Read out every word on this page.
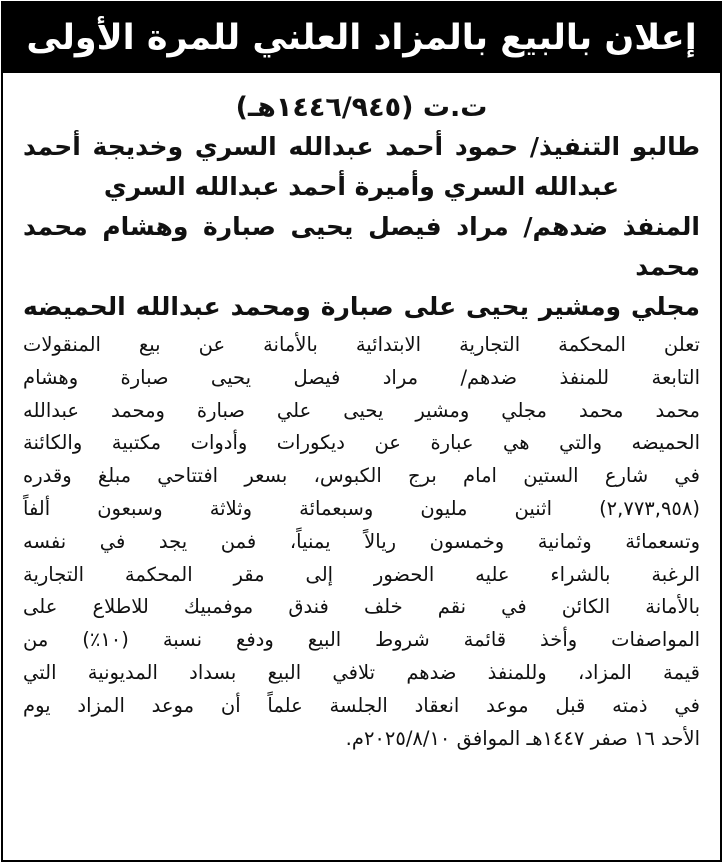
إعلان بالبيع بالمزاد العلني للمرة الأولى
ت.ت (١٤٤٦/٩٤٥هـ)
طالبو التنفيذ/ حمود أحمد عبدالله السري وخديجة أحمد
عبدالله السري وأميرة أحمد عبدالله السري
المنفذ ضدهم/ مراد فيصل يحيى صبارة وهشام محمد محمد
مجلي ومشير يحيى على صبارة ومحمد عبدالله الحميضه
تعلن المحكمة التجارية الابتدائية بالأمانة عن بيع المنقولات
التابعة للمنفذ ضدهم/ مراد فيصل يحيى صبارة وهشام
محمد محمد مجلي ومشير يحيى علي صبارة ومحمد عبدالله
الحميضه والتي هي عبارة عن ديكورات وأدوات مكتبية والكائنة
في شارع الستين امام برج الكبوس، بسعر افتتاحي مبلغ وقدره
(٢,٧٧٣,٩٥٨) اثنين مليون وسبعمائة وثلاثة وسبعون ألفاً
وتسعمائة وثمانية وخمسون ريالاً يمنياً، فمن يجد في نفسه
الرغبة بالشراء عليه الحضور إلى مقر المحكمة التجارية
بالأمانة الكائن في نقم خلف فندق موفمبيك للاطلاع على
المواصفات وأخذ قائمة شروط البيع ودفع نسبة (١٠٪) من
قيمة المزاد، وللمنفذ ضدهم تلافي البيع بسداد المديونية التي
في ذمته قبل موعد انعقاد الجلسة علماً أن موعد المزاد يوم
الأحد ١٦ صفر ١٤٤٧هـ الموافق ٢٠٢٥/٨/١٠م.
